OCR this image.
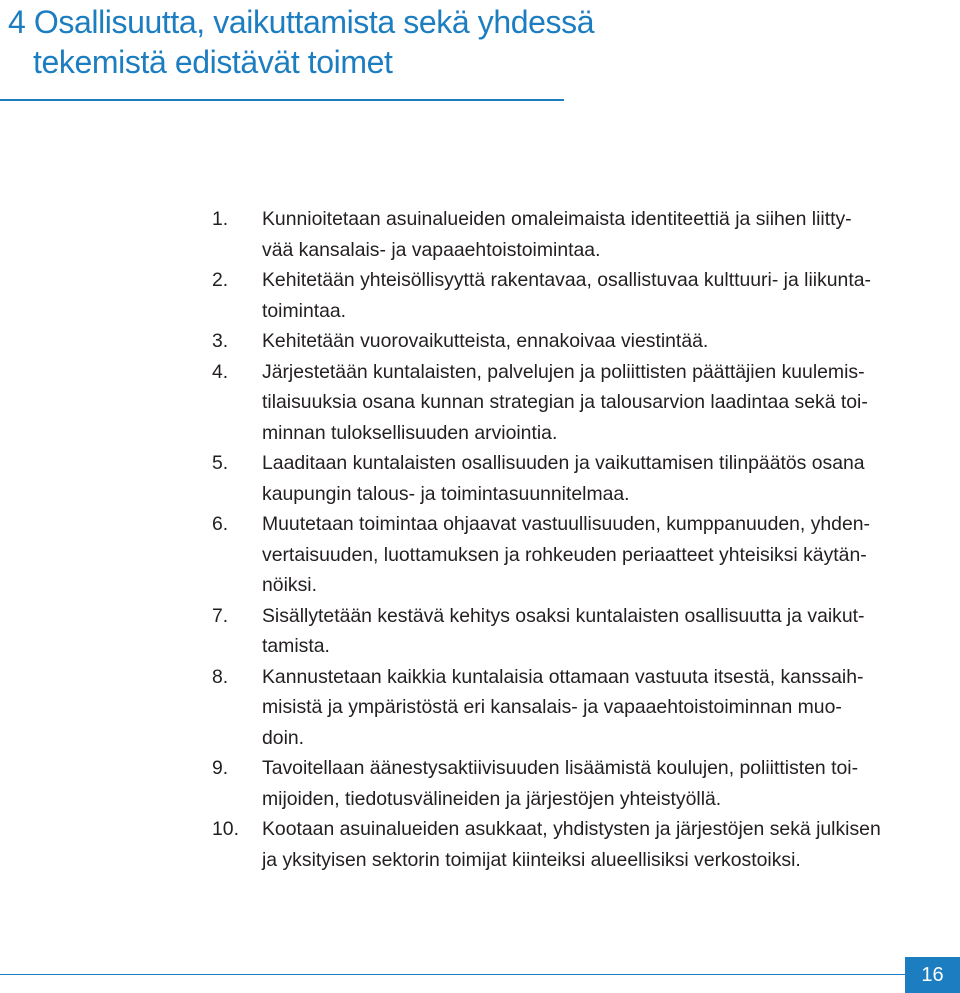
4 Osallisuutta, vaikuttamista sekä yhdessä
tekemistä edistävät toimet
1.	Kunnioitetaan asuinalueiden omaleimaista identiteettiä ja siihen liitty-
vää kansalais- ja vapaaehtoistoimintaa.
2.	Kehitetään yhteisöllisyyttä rakentavaa, osallistuvaa kulttuuri- ja liikunta-
toimintaa.
3.	Kehitetään vuorovaikutteista, ennakoivaa viestintää.
4.	Järjestetään kuntalaisten, palvelujen ja poliittisten päättäjien kuulemis-
tilaisuuksia osana kunnan strategian ja talousarvion laadintaa sekä toi-
minnan tuloksellisuuden arviointia.
5.	Laaditaan kuntalaisten osallisuuden ja vaikuttamisen tilinpäätös osana
kaupungin talous- ja toimintasuunnitelmaa.
6.	Muutetaan toimintaa ohjaavat vastuullisuuden, kumppanuuden, yhden-
vertaisuuden, luottamuksen ja rohkeuden periaatteet yhteisiksi käytän-
nöiksi.
7.	Sisällytetään kestävä kehitys osaksi kuntalaisten osallisuutta ja vaikut-
tamista.
8.	Kannustetaan kaikkia kuntalaisia ottamaan vastuuta itsestä, kanssaih-
misistä ja ympäristöstä eri kansalais- ja vapaaehtoistoiminnan muo-
doin.
9.	Tavoitellaan äänestysaktiivisuuden lisäämistä koulujen, poliittisten toi-
mijoiden, tiedotusvälineiden ja järjestöjen yhteistyöllä.
10.	Kootaan asuinalueiden asukkaat, yhdistysten ja järjestöjen sekä julkisen
ja yksityisen sektorin toimijat kiinteiksi alueellisiksi verkostoiksi.
16
